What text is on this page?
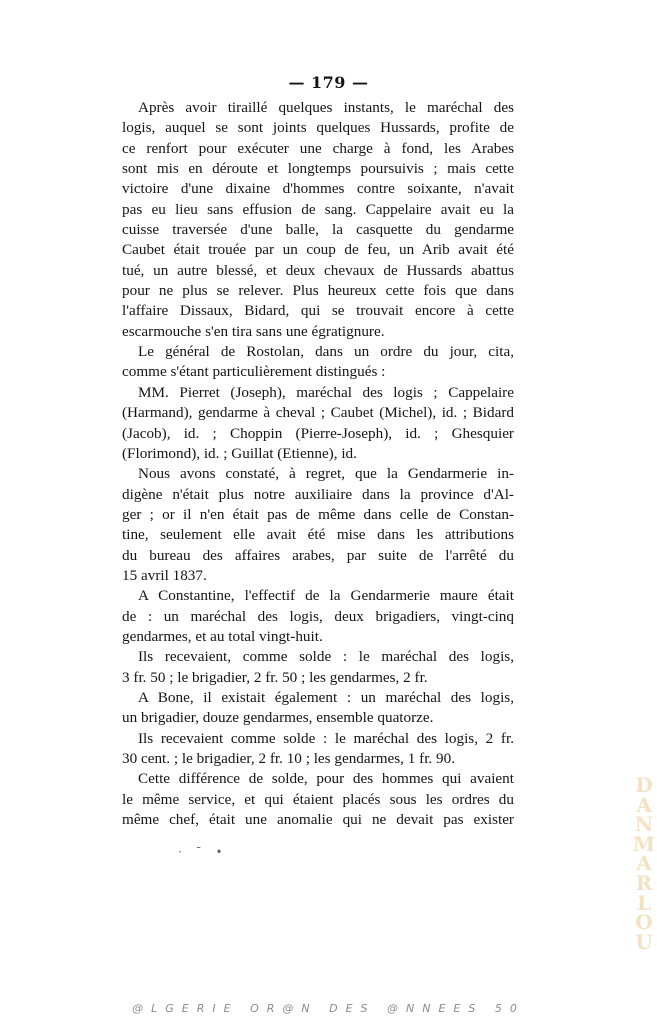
— 179 —
Après avoir tiraillé quelques instants, le maréchal des
logis, auquel se sont joints quelques Hussards, profite de
ce renfort pour exécuter une charge à fond, les Arabes
sont mis en déroute et longtemps poursuivis ; mais cette
victoire d'une dixaine d'hommes contre soixante, n'avait
pas eu lieu sans effusion de sang. Cappelaire avait eu la
cuisse traversée d'une balle, la casquette du gendarme
Caubet était trouée par un coup de feu, un Arib avait été
tué, un autre blessé, et deux chevaux de Hussards abattus
pour ne plus se relever. Plus heureux cette fois que dans
l'affaire Dissaux, Bidard, qui se trouvait encore à cette
escarmouche s'en tira sans une égratignure.
Le général de Rostolan, dans un ordre du jour, cita,
comme s'étant particulièrement distingués :
MM. Pierret (Joseph), maréchal des logis ; Cappelaire
(Harmand), gendarme à cheval ; Caubet (Michel), id. ; Bidard
(Jacob), id. ; Choppin (Pierre-Joseph), id. ; Ghesquier
(Florimond), id. ; Guillat (Etienne), id.
Nous avons constaté, à regret, que la Gendarmerie in-
digène n'était plus notre auxiliaire dans la province d'Al-
ger ; or il n'en était pas de même dans celle de Constan-
tine, seulement elle avait été mise dans les attributions
du bureau des affaires arabes, par suite de l'arrêté du
15 avril 1837.
A Constantine, l'effectif de la Gendarmerie maure était
de : un maréchal des logis, deux brigadiers, vingt-cinq
gendarmes, et au total vingt-huit.
Ils recevaient, comme solde : le maréchal des logis,
3 fr. 50 ; le brigadier, 2 fr. 50 ; les gendarmes, 2 fr.
A Bone, il existait également : un maréchal des logis,
un brigadier, douze gendarmes, ensemble quatorze.
Ils recevaient comme solde : le maréchal des logis, 2 fr.
30 cent. ; le brigadier, 2 fr. 10 ; les gendarmes, 1 fr. 90.
Cette différence de solde, pour des hommes qui avaient
le même service, et qui étaient placés sous les ordres du
même chef, était une anomalie qui ne devait pas exister
D
A
N
M
A
R
L
O
U
· ˉ •
@LGERIE OR@N DES @NNEES 50
